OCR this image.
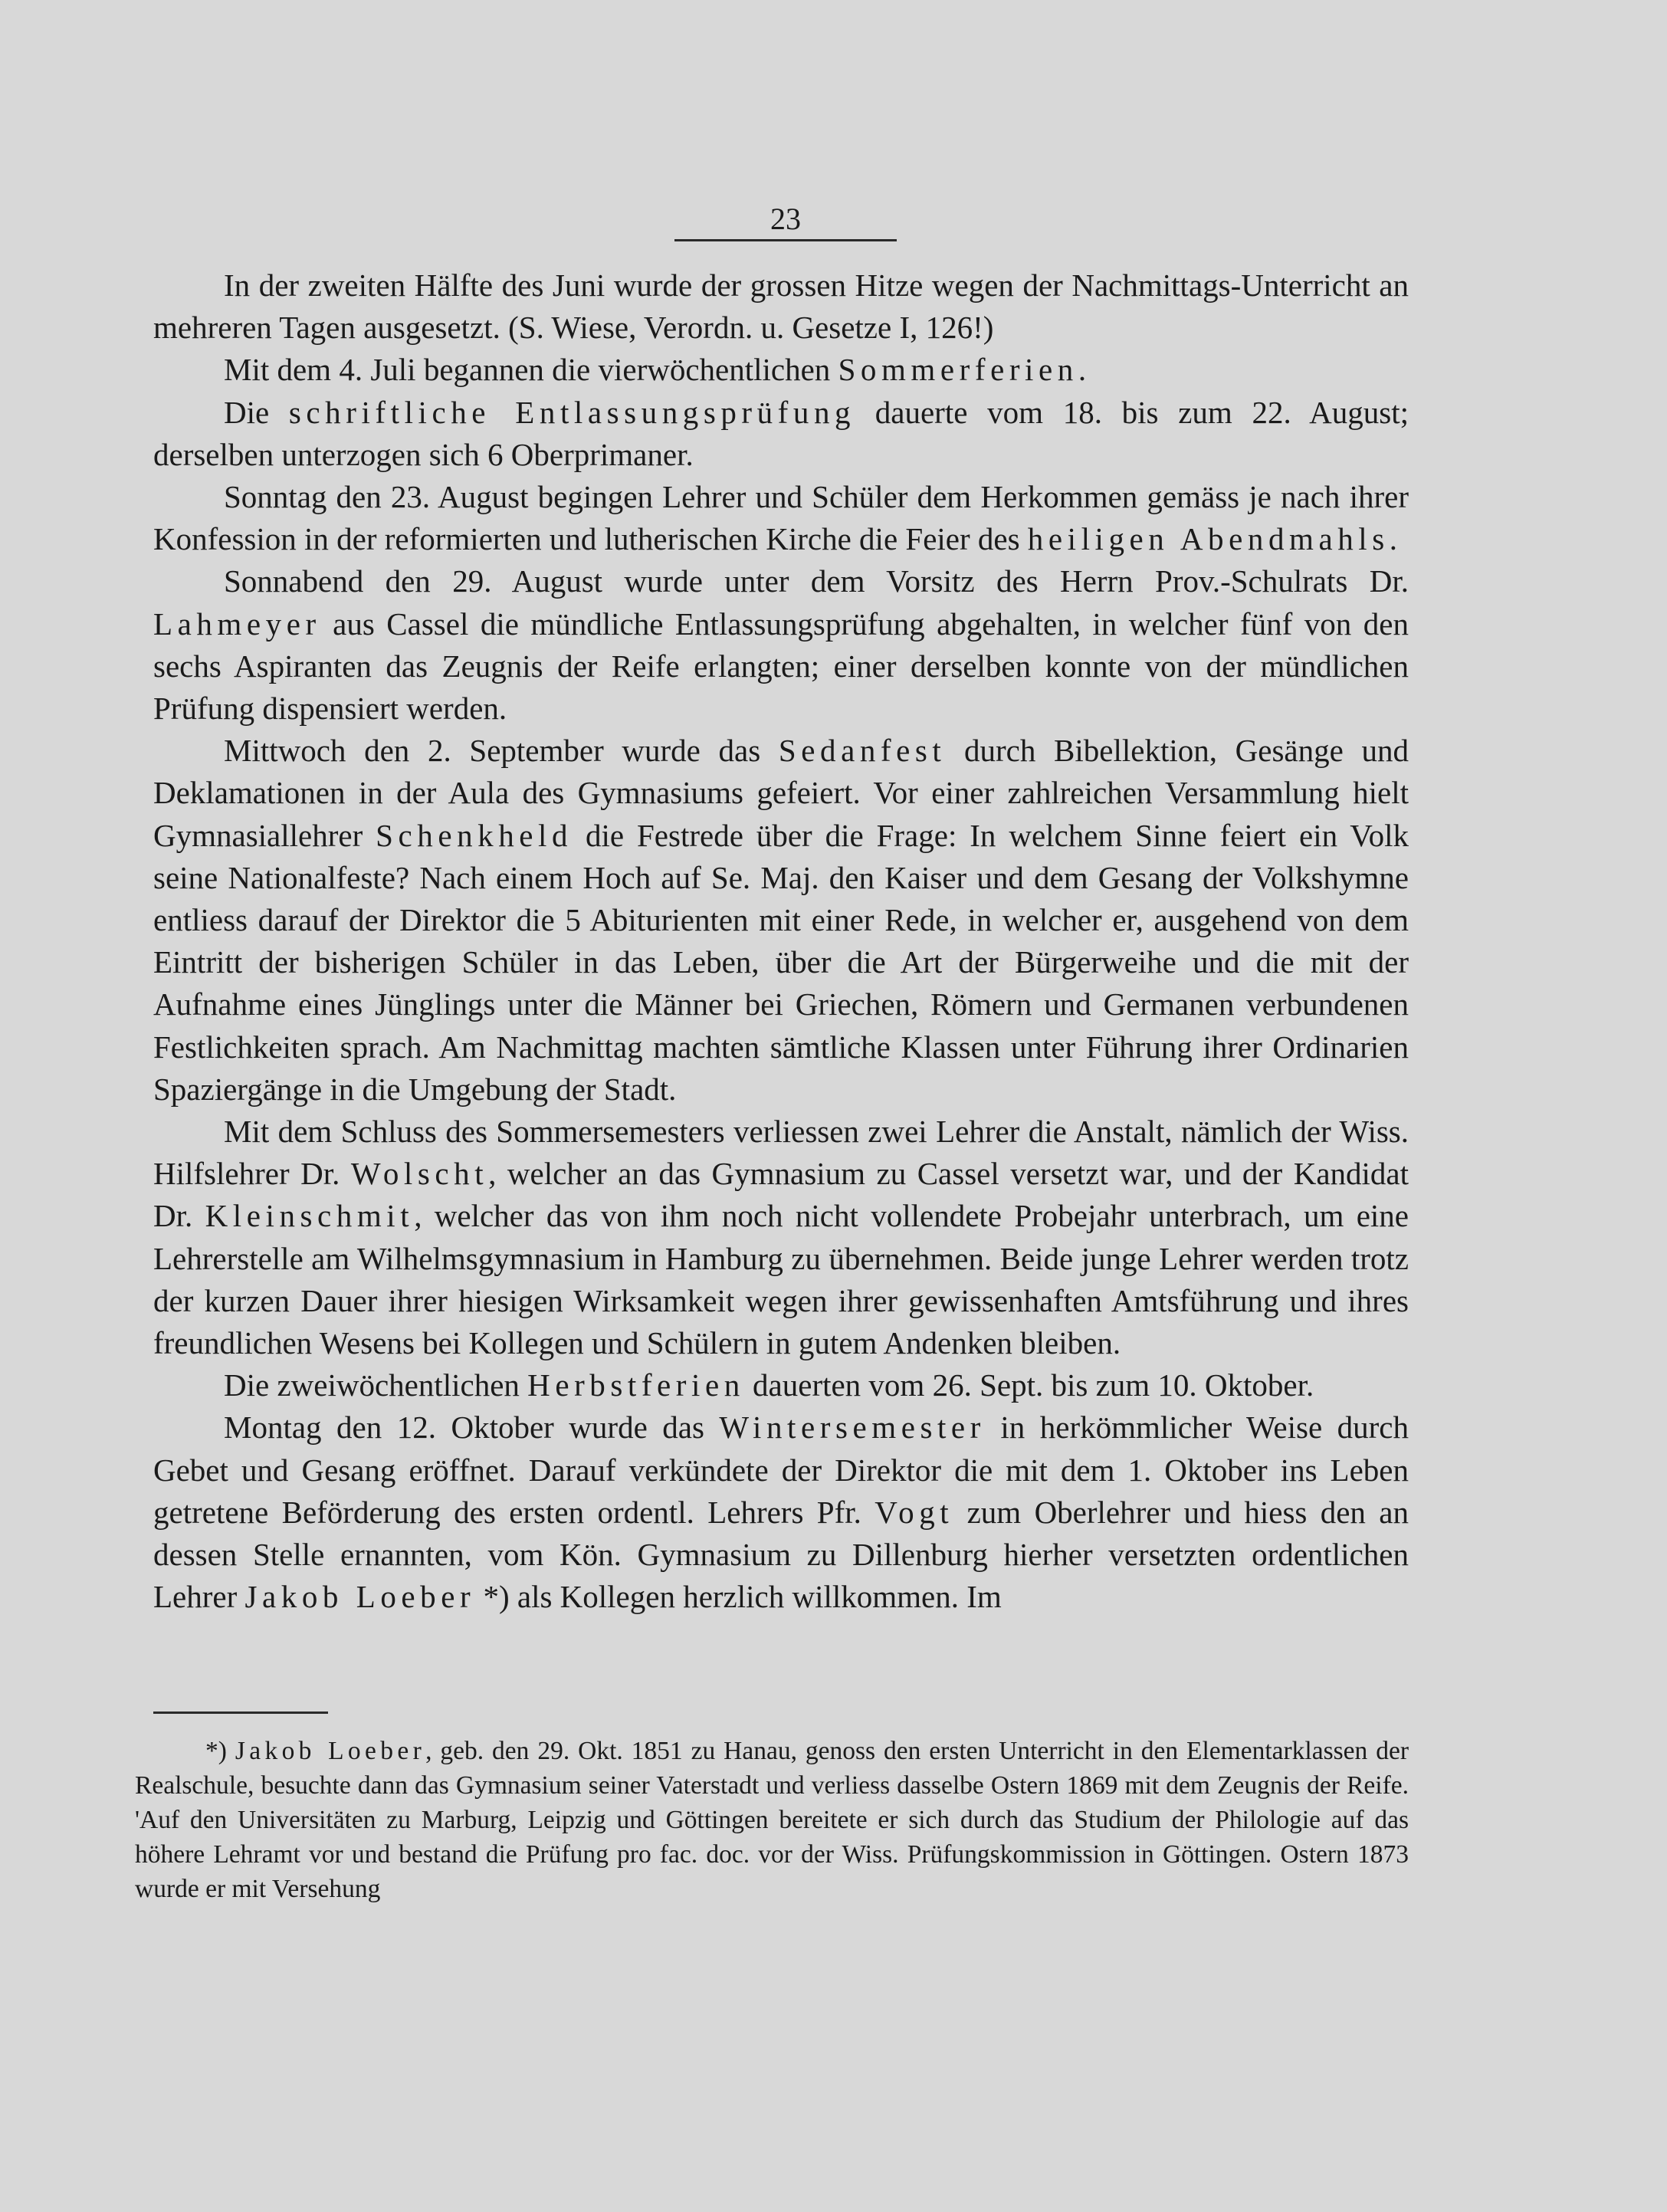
23

In der zweiten Hälfte des Juni wurde der grossen Hitze wegen der Nachmittags-Unterricht an mehreren Tagen ausgesetzt. (S. Wiese, Verordn. u. Gesetze I, 126!)

Mit dem 4. Juli begannen die vierwöchentlichen Sommerferien.

Die schriftliche Entlassungsprüfung dauerte vom 18. bis zum 22. August; derselben unterzogen sich 6 Oberprimaner.

Sonntag den 23. August begingen Lehrer und Schüler dem Herkommen gemäss je nach ihrer Konfession in der reformierten und lutherischen Kirche die Feier des heiligen Abendmahls.

Sonnabend den 29. August wurde unter dem Vorsitz des Herrn Prov.-Schulrats Dr. Lahmeyer aus Cassel die mündliche Entlassungsprüfung abgehalten, in welcher fünf von den sechs Aspiranten das Zeugnis der Reife erlangten; einer derselben konnte von der mündlichen Prüfung dispensiert werden.

Mittwoch den 2. September wurde das Sedanfest durch Bibellektion, Gesänge und Deklamationen in der Aula des Gymnasiums gefeiert. Vor einer zahlreichen Versammlung hielt Gymnasiallehrer Schenkheld die Festrede über die Frage: In welchem Sinne feiert ein Volk seine Nationalfeste? Nach einem Hoch auf Se. Maj. den Kaiser und dem Gesang der Volkshymne entliess darauf der Direktor die 5 Abiturienten mit einer Rede, in welcher er, ausgehend von dem Eintritt der bisherigen Schüler in das Leben, über die Art der Bürgerweihe und die mit der Aufnahme eines Jünglings unter die Männer bei Griechen, Römern und Germanen verbundenen Festlichkeiten sprach. Am Nachmittag machten sämtliche Klassen unter Führung ihrer Ordinarien Spaziergänge in die Umgebung der Stadt.

Mit dem Schluss des Sommersemesters verliessen zwei Lehrer die Anstalt, nämlich der Wiss. Hilfslehrer Dr. Wolscht, welcher an das Gymnasium zu Cassel versetzt war, und der Kandidat Dr. Kleinschmit, welcher das von ihm noch nicht vollendete Probejahr unterbrach, um eine Lehrerstelle am Wilhelmsgymnasium in Hamburg zu übernehmen. Beide junge Lehrer werden trotz der kurzen Dauer ihrer hiesigen Wirksamkeit wegen ihrer gewissenhaften Amtsführung und ihres freundlichen Wesens bei Kollegen und Schülern in gutem Andenken bleiben.

Die zweiwöchentlichen Herbstferien dauerten vom 26. Sept. bis zum 10. Oktober.

Montag den 12. Oktober wurde das Wintersemester in herkömmlicher Weise durch Gebet und Gesang eröffnet. Darauf verkündete der Direktor die mit dem 1. Oktober ins Leben getretene Beförderung des ersten ordentl. Lehrers Pfr. Vogt zum Oberlehrer und hiess den an dessen Stelle ernannten, vom Kön. Gymnasium zu Dillenburg hierher versetzten ordentlichen Lehrer Jakob Loeber *) als Kollegen herzlich willkommen. Im

*) Jakob Loeber, geb. den 29. Okt. 1851 zu Hanau, genoss den ersten Unterricht in den Elementarklassen der Realschule, besuchte dann das Gymnasium seiner Vaterstadt und verliess dasselbe Ostern 1869 mit dem Zeugnis der Reife. 'Auf den Universitäten zu Marburg, Leipzig und Göttingen bereitete er sich durch das Studium der Philologie auf das höhere Lehramt vor und bestand die Prüfung pro fac. doc. vor der Wiss. Prüfungskommission in Göttingen. Ostern 1873 wurde er mit Versehung
